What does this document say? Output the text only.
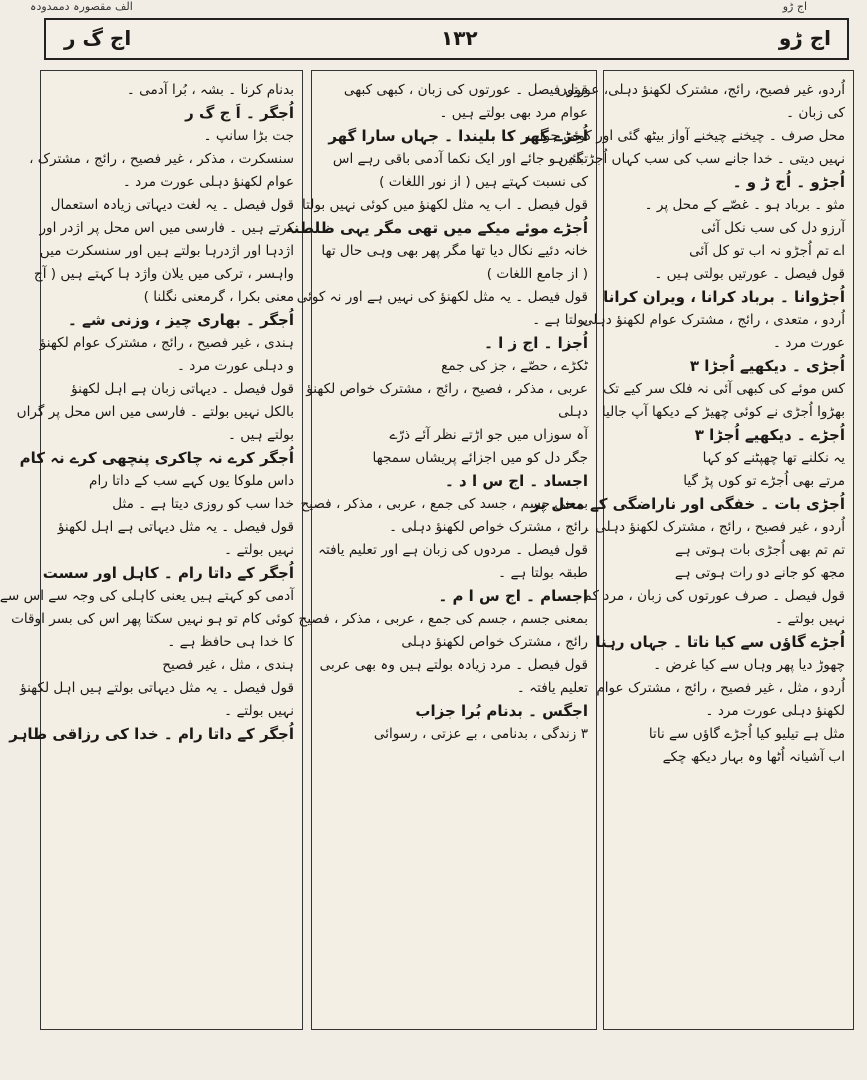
الف مقصورہ دممدودہ	اج ڑو
اج ڑو
١٣٢
اج گ ر
بدنام کرنا ۔ بشہ ، بُرا آدمی ۔
اُجگر ۔ اَ ج گ ر
جت بڑا سانپ ۔
سنسکرت ، مذکر ، غیر فصیح ، رائج ، مشترک ،
عوام لکھنؤ دہلی عورت مرد ۔
قول فیصل ۔ یہ لغت دیہاتی زیادہ استعمال
کرتے ہیں ۔ فارسی میں اس محل پر اژدر اور
اژدہا اور اژدرہا بولتے ہیں اور سنسکرت میں
واہسر ، ترکی میں یلان واژد ہا کہتے ہیں ( آج
معنی بکرا ، گرمعنی نگلنا )
اُجگر ۔ بھاری چیز ، وزنی شے ۔
ہندی ، غیر فصیح ، رائج ، مشترک عوام لکھنؤ
و دہلی عورت مرد ۔
قول فیصل ۔ دیہاتی زبان ہے اہل لکھنؤ
بالکل نہیں بولتے ۔ فارسی میں اس محل پر گراں
بولتے ہیں ۔
اُجگر کرے نہ چاکری پنچھی کرے نہ کام
داس ملوکا یوں کہے سب کے داتا رام
خدا سب کو روزی دیتا ہے ۔ مثل
قول فیصل ۔ یہ مثل دیہاتی ہے اہل لکھنؤ
نہیں بولتے ۔
اُجگر کے داتا رام ۔ کاہل اور سست
آدمی کو کہتے ہیں یعنی کاہلی کی وجہ سے اس سے
کوئی کام تو ہو نہیں سکتا پھر اس کی بسر اوقات
کا خدا ہی حافظ ہے ۔
ہندی ، مثل ، غیر فصیح
قول فیصل ۔ یہ مثل دیہاتی بولتے ہیں اہل لکھنؤ
نہیں بولتے ۔
اُجگر کے داتا رام ۔ خدا کی رزاقی ظاہر
قول فیصل ۔ عورتوں کی زبان ، کبھی کبھی
عوام مرد بھی بولتے ہیں ۔
اُجڑے گھر کا بلیندا ۔ جہاں سارا گھر
تباہ ہو جائے اور ایک نکما آدمی باقی رہے اس
کی نسبت کہتے ہیں ( از نور اللغات )
قول فیصل ۔ اب یہ مثل لکھنؤ میں کوئی نہیں بولتا
اُجڑے موئے میکے میں تھی مگر یہی ظلطنہ
خانہ دئیے نکال دیا تھا مگر پھر بھی وہی حال تھا
( از جامع اللغات )
قول فیصل ۔ یہ مثل لکھنؤ کی نہیں ہے اور نہ کوئی
بولتا ہے ۔
اُجزا ۔ اج ز ا ۔
ٹکڑے ، حصّے ، جز کی جمع
عربی ، مذکر ، فصیح ، رائج ، مشترک خواص لکھنؤ
دہلی
آہ سوزاں میں جو اڑتے نظر آئے ذرّے
جگر دل کو میں اجزائے پریشاں سمجھا
اجساد ۔ اج س ا د ۔
بمعنی جسم ، جسد کی جمع ، عربی ، مذکر ، فصیح
رائج ، مشترک خواص لکھنؤ دہلی ۔
قول فیصل ۔ مردوں کی زبان ہے اور تعلیم یافتہ
طبقہ بولتا ہے ۔
اجسام ۔ اج س ا م ۔
بمعنی جسم ، جسم کی جمع ، عربی ، مذکر ، فصیح
رائج ، مشترک خواص لکھنؤ دہلی
قول فیصل ۔ مرد زیادہ بولتے ہیں وہ بھی عربی
تعلیم یافتہ ۔
اجگس ۔ بدنام بُرا جزاب
۳ زندگی ، بدنامی ، بے عزتی ، رسوائی
اُردو، غیر فصیح، رائج، مشترک لکھنؤ دہلی، عورتوں
کی زبان ۔
محل صرف ۔ چیخنے چیخنے آواز بیٹھ گئی اور کوئی جواب
نہیں دیتی ۔ خدا جانے سب کی سب کہاں اُجڑ گئیں
اُجڑو ۔ اُج ڑ و ۔
مثو ۔ برباد ہو ۔ غصّے کے محل پر ۔
آرزو دل کی سب نکل آئی
اے تم اُجڑو نہ اب تو کل آئی
قول فیصل ۔ عورتیں بولتی ہیں ۔
اُجڑوانا ۔ برباد کرانا ، ویران کرانا
اُردو ، متعدی ، رائج ، مشترک عوام لکھنؤ دہلی
عورت مرد ۔
اُجڑی ۔ دیکھیے اُجڑا ۳
کس موئے کی کبھی آئی نہ فلک سر کیے تک
بھڑوا اُجڑی نے کوئی چھیڑ کے دیکھا آپ جالیا
اُجڑے ۔ دیکھیے اُجڑا ۳
یہ نکلنے تھا چھپٹنے کو کہا
مرتے بھی اُجڑے تو کوں پڑ گیا
اُجڑی بات ۔ خفگی اور ناراضگی کے محل پر
اُردو ، غیر فصیح ، رائج ، مشترک لکھنؤ دہلی ۔
تم تم بھی اُجڑی بات ہوتی ہے
مجھ کو جانے دو رات ہوتی ہے
قول فیصل ۔ صرف عورتوں کی زبان ، مرد کم
نہیں بولتے ۔
اُجڑے گاؤں سے کیا ناتا ۔ جہاں رہنا
چھوڑ دیا پھر وہاں سے کیا غرض ۔
اُردو ، مثل ، غیر فصیح ، رائج ، مشترک عوام
لکھنؤ دہلی عورت مرد ۔
مثل ہے تیلیو کیا اُجڑے گاؤں سے ناتا
اب آشیانہ اُٹھا وہ بہار دیکھ چکے
